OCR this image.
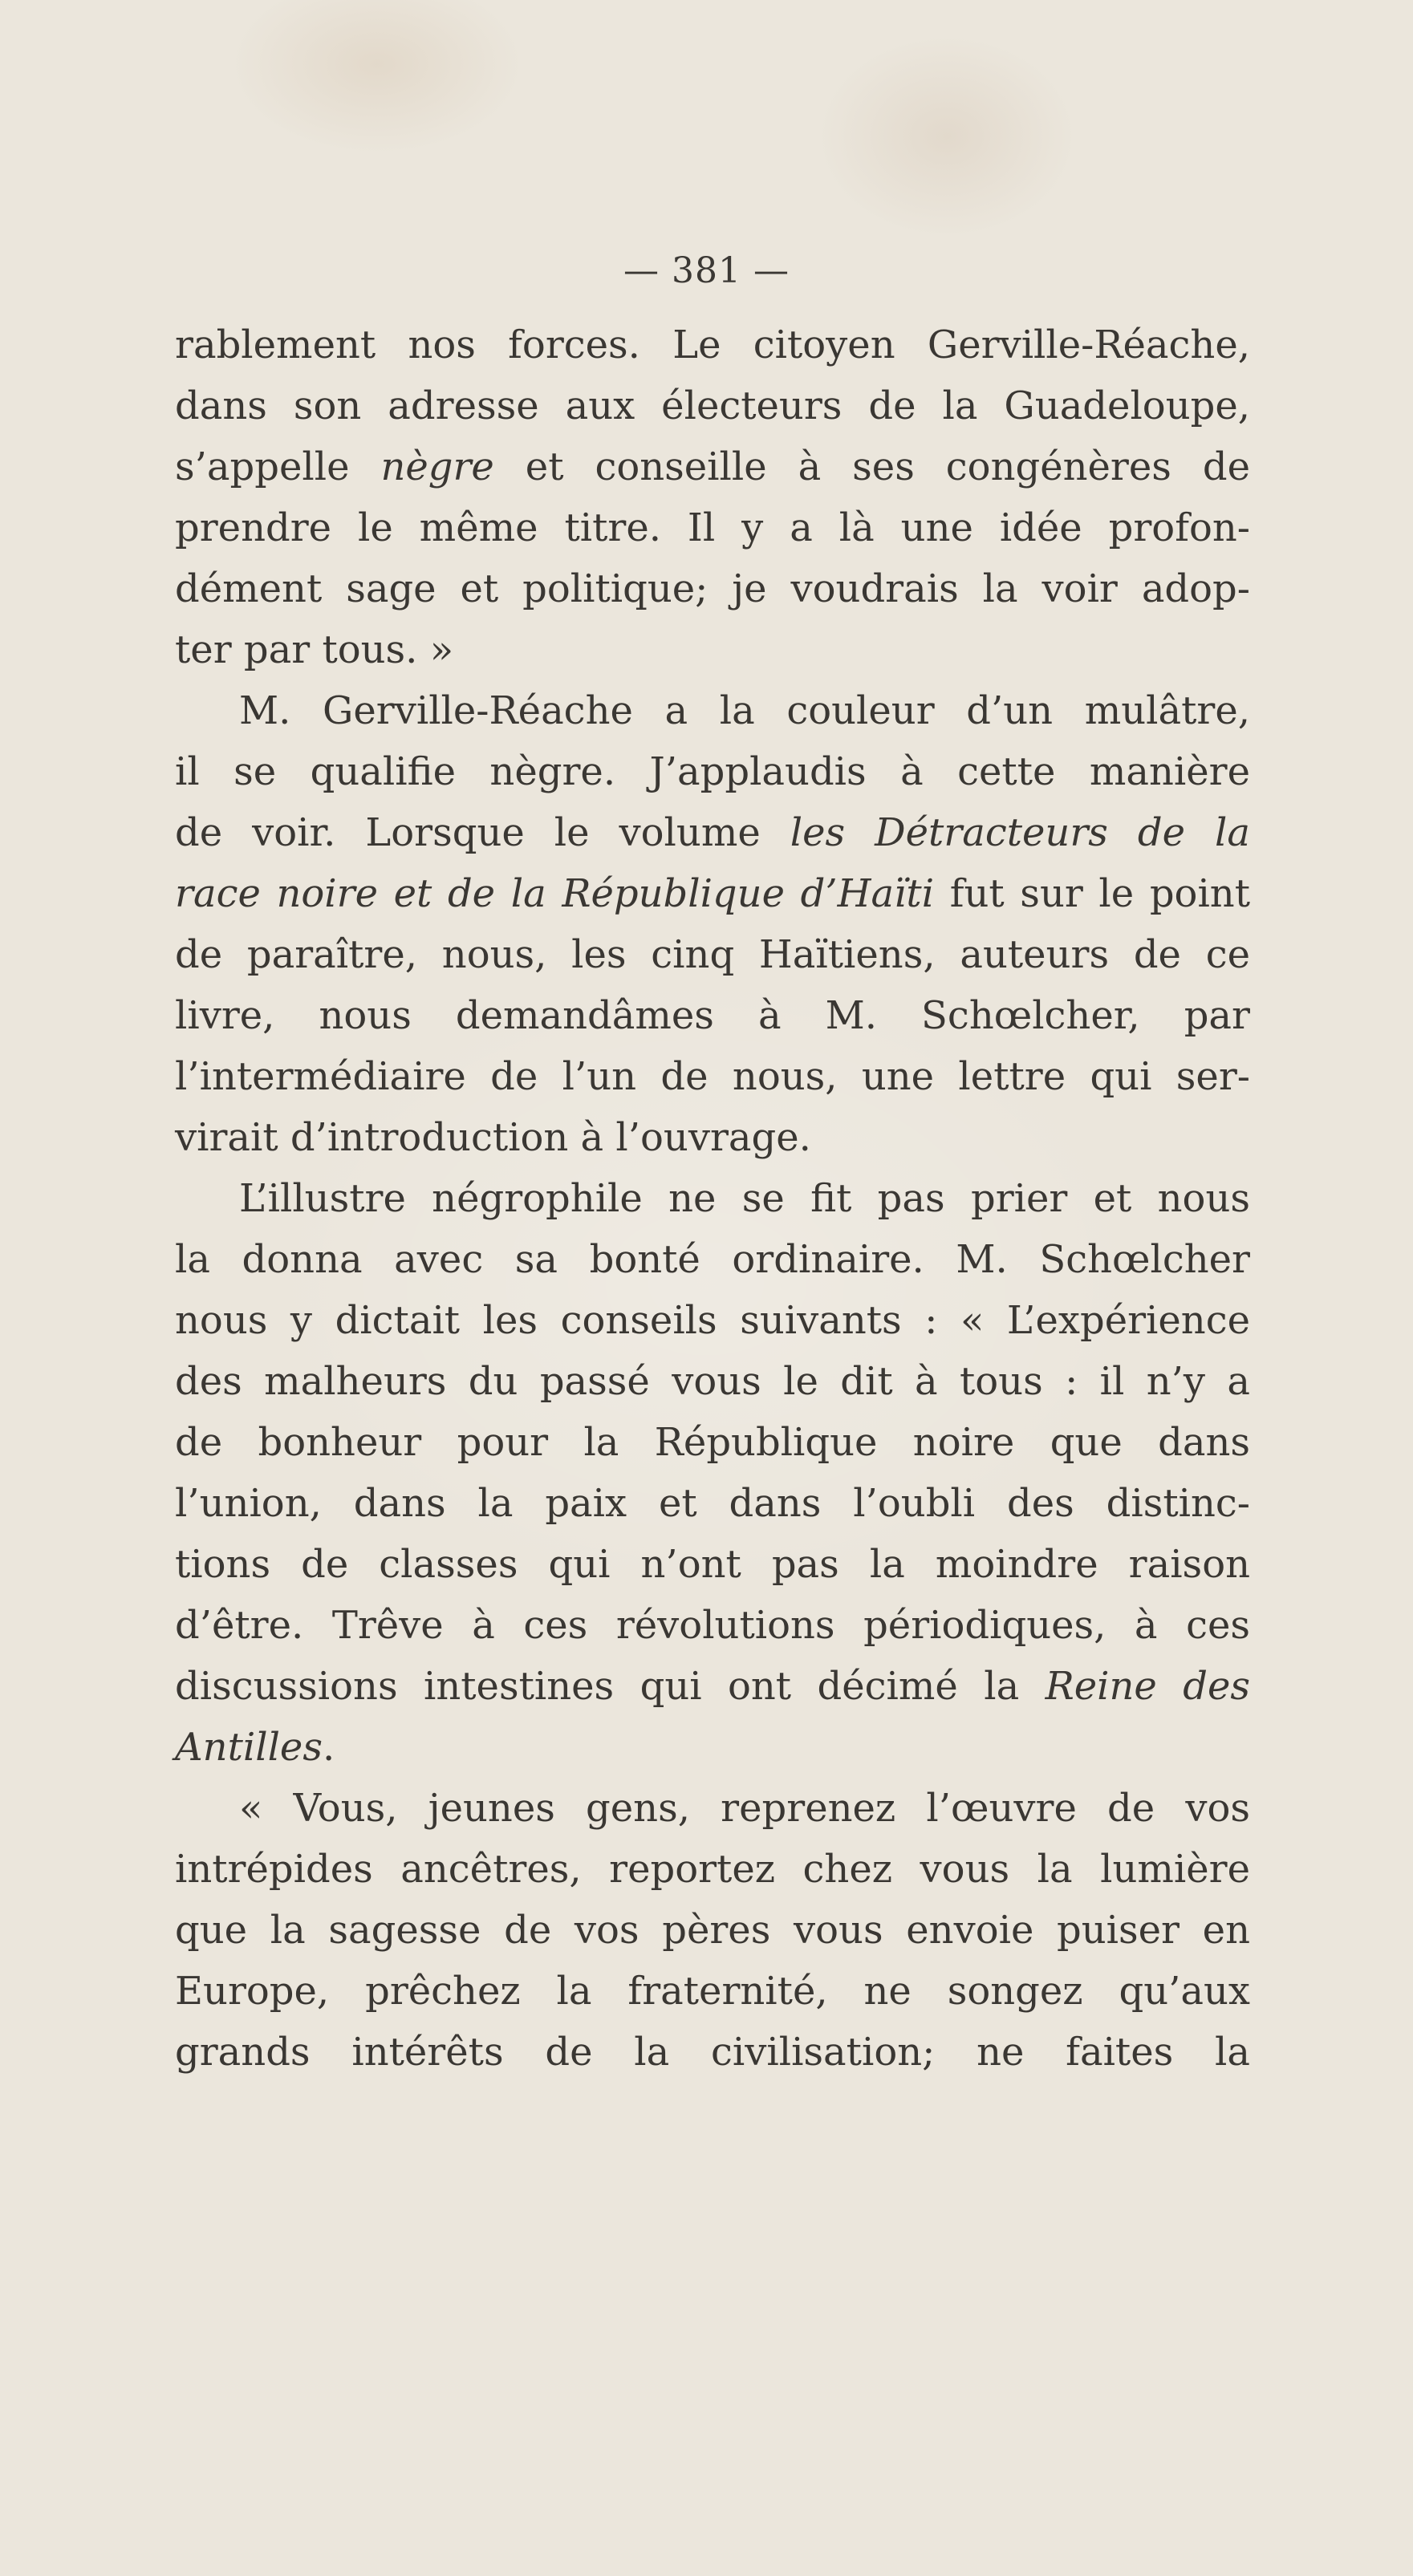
— 381 —
rablement nos forces. Le citoyen Gerville-Réache,
dans son adresse aux électeurs de la Guadeloupe,
s’appelle nègre et conseille à ses congénères de
prendre le même titre. Il y a là une idée profon-
dément sage et politique; je voudrais la voir adop-
ter par tous. »
M. Gerville-Réache a la couleur d’un mulâtre,
il se qualifie nègre. J’applaudis à cette manière
de voir. Lorsque le volume les Détracteurs de la
race noire et de la République d’Haïti fut sur le point
de paraître, nous, les cinq Haïtiens, auteurs de ce
livre, nous demandâmes à M. Schœlcher, par
l’intermédiaire de l’un de nous, une lettre qui ser-
virait d’introduction à l’ouvrage.
L’illustre négrophile ne se fit pas prier et nous
la donna avec sa bonté ordinaire. M. Schœlcher
nous y dictait les conseils suivants : « L’expérience
des malheurs du passé vous le dit à tous : il n’y a
de bonheur pour la République noire que dans
l’union, dans la paix et dans l’oubli des distinc-
tions de classes qui n’ont pas la moindre raison
d’être. Trêve à ces révolutions périodiques, à ces
discussions intestines qui ont décimé la Reine des
Antilles.
« Vous, jeunes gens, reprenez l’œuvre de vos
intrépides ancêtres, reportez chez vous la lumière
que la sagesse de vos pères vous envoie puiser en
Europe, prêchez la fraternité, ne songez qu’aux
grands intérêts de la civilisation; ne faites la
